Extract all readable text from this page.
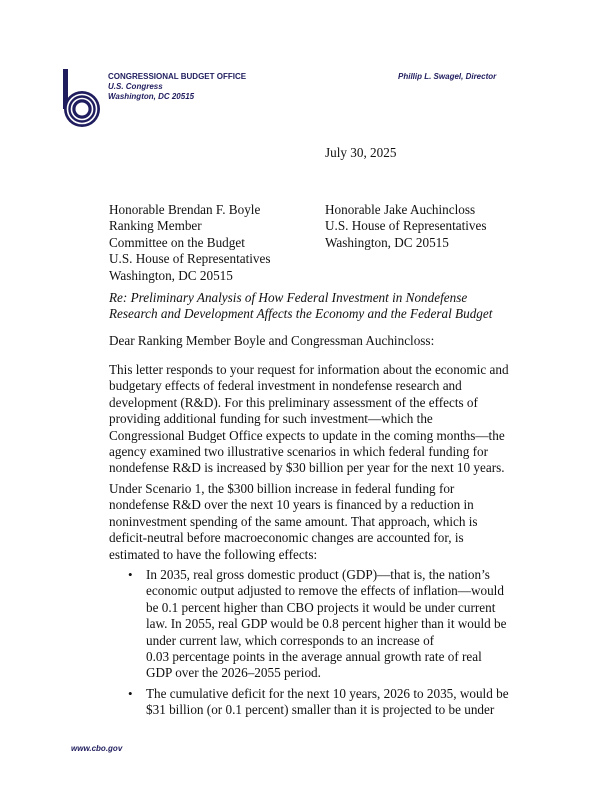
CONGRESSIONAL BUDGET OFFICE
U.S. Congress
Washington, DC 20515
Phillip L. Swagel, Director
July 30, 2025
Honorable Brendan F. Boyle
Ranking Member
Committee on the Budget
U.S. House of Representatives
Washington, DC 20515
Honorable Jake Auchincloss
U.S. House of Representatives
Washington, DC 20515
Re: Preliminary Analysis of How Federal Investment in Nondefense
Research and Development Affects the Economy and the Federal Budget
Dear Ranking Member Boyle and Congressman Auchincloss:
This letter responds to your request for information about the economic and
budgetary effects of federal investment in nondefense research and
development (R&D). For this preliminary assessment of the effects of
providing additional funding for such investment—which the
Congressional Budget Office expects to update in the coming months—the
agency examined two illustrative scenarios in which federal funding for
nondefense R&D is increased by $30 billion per year for the next 10 years.
Under Scenario 1, the $300 billion increase in federal funding for
nondefense R&D over the next 10 years is financed by a reduction in
noninvestment spending of the same amount. That approach, which is
deficit-neutral before macroeconomic changes are accounted for, is
estimated to have the following effects:
• In 2035, real gross domestic product (GDP)—that is, the nation’s
economic output adjusted to remove the effects of inflation—would
be 0.1 percent higher than CBO projects it would be under current
law. In 2055, real GDP would be 0.8 percent higher than it would be
under current law, which corresponds to an increase of
0.03 percentage points in the average annual growth rate of real
GDP over the 2026–2055 period.
• The cumulative deficit for the next 10 years, 2026 to 2035, would be
$31 billion (or 0.1 percent) smaller than it is projected to be under
www.cbo.gov
